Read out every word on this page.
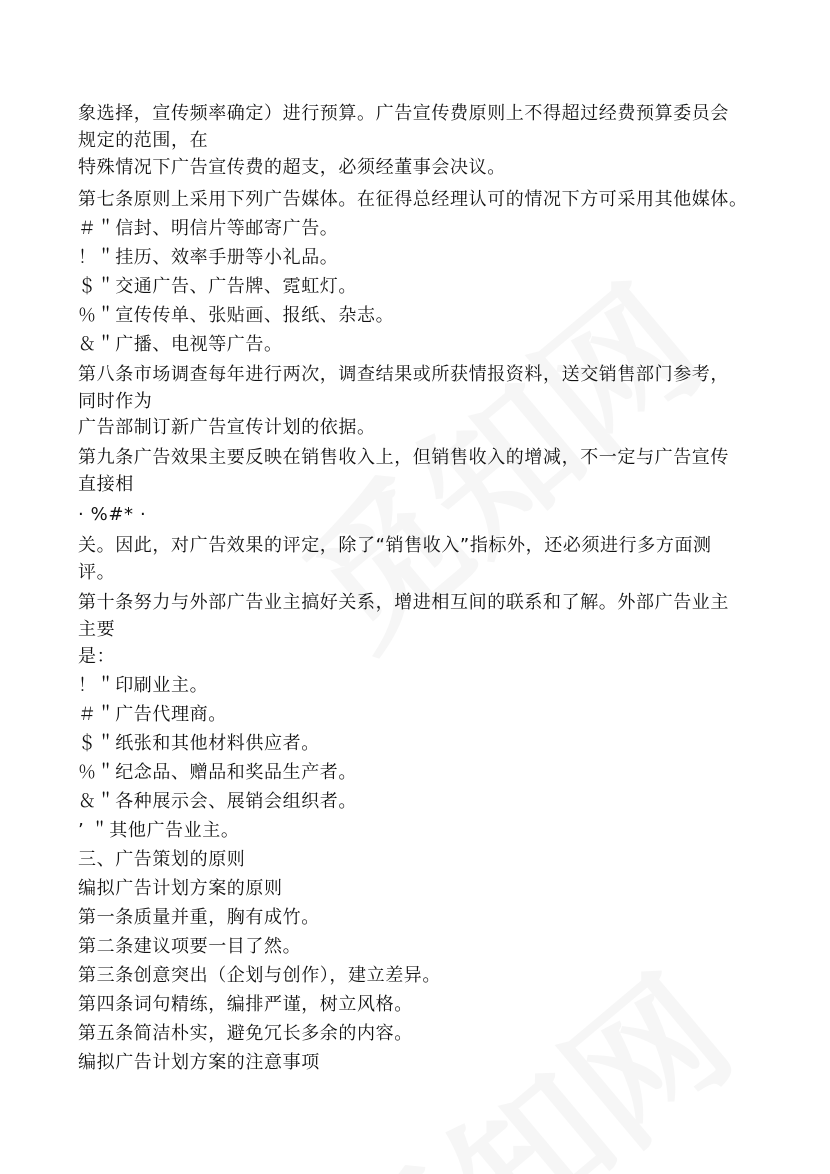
象选择，宣传频率确定）进行预算。广告宣传费原则上不得超过经费预算委员会
规定的范围，在
特殊情况下广告宣传费的超支，必须经董事会决议。
第七条原则上采用下列广告媒体。在征得总经理认可的情况下方可采用其他媒体。
＃＂信封、明信片等邮寄广告。
！＂挂历、效率手册等小礼品。
＄＂交通广告、广告牌、霓虹灯。
％＂宣传传单、张贴画、报纸、杂志。
＆＂广播、电视等广告。
第八条市场调查每年进行两次，调查结果或所获情报资料，送交销售部门参考，
同时作为
广告部制订新广告宣传计划的依据。
第九条广告效果主要反映在销售收入上，但销售收入的增减，不一定与广告宣传
直接相
· %#* ·
关。因此，对广告效果的评定，除了“销售收入”指标外，还必须进行多方面测
评。
第十条努力与外部广告业主搞好关系，增进相互间的联系和了解。外部广告业主
主要
是：
！＂印刷业主。
＃＂广告代理商。
＄＂纸张和其他材料供应者。
％＂纪念品、赠品和奖品生产者。
＆＂各种展示会、展销会组织者。
’ ＂其他广告业主。
三、广告策划的原则
编拟广告计划方案的原则
第一条质量并重，胸有成竹。
第二条建议项要一目了然。
第三条创意突出（企划与创作），建立差异。
第四条词句精练，编排严谨，树立风格。
第五条简洁朴实，避免冗长多余的内容。
编拟广告计划方案的注意事项
